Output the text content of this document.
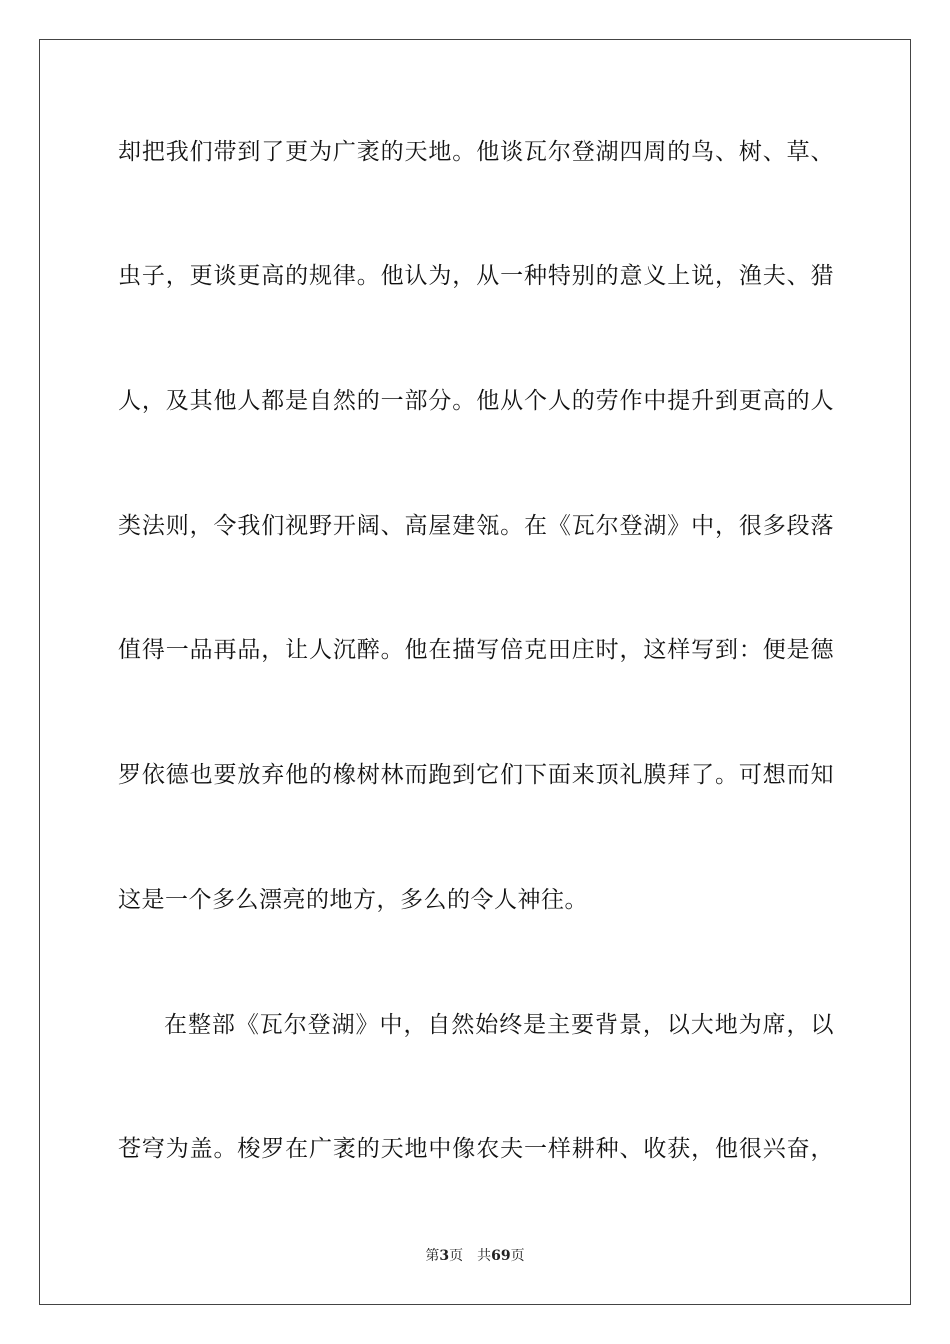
却把我们带到了更为广袤的天地。他谈瓦尔登湖四周的鸟、树、草、
虫子，更谈更高的规律。他认为，从一种特别的意义上说，渔夫、猎
人，及其他人都是自然的一部分。他从个人的劳作中提升到更高的人
类法则，令我们视野开阔、高屋建瓴。在《瓦尔登湖》中，很多段落
值得一品再品，让人沉醉。他在描写倍克田庄时，这样写到：便是德
罗依德也要放弃他的橡树林而跑到它们下面来顶礼膜拜了。可想而知
这是一个多么漂亮的地方，多么的令人神往。
在整部《瓦尔登湖》中，自然始终是主要背景，以大地为席，以
苍穹为盖。梭罗在广袤的天地中像农夫一样耕种、收获，他很兴奋，
第3页 共69页
